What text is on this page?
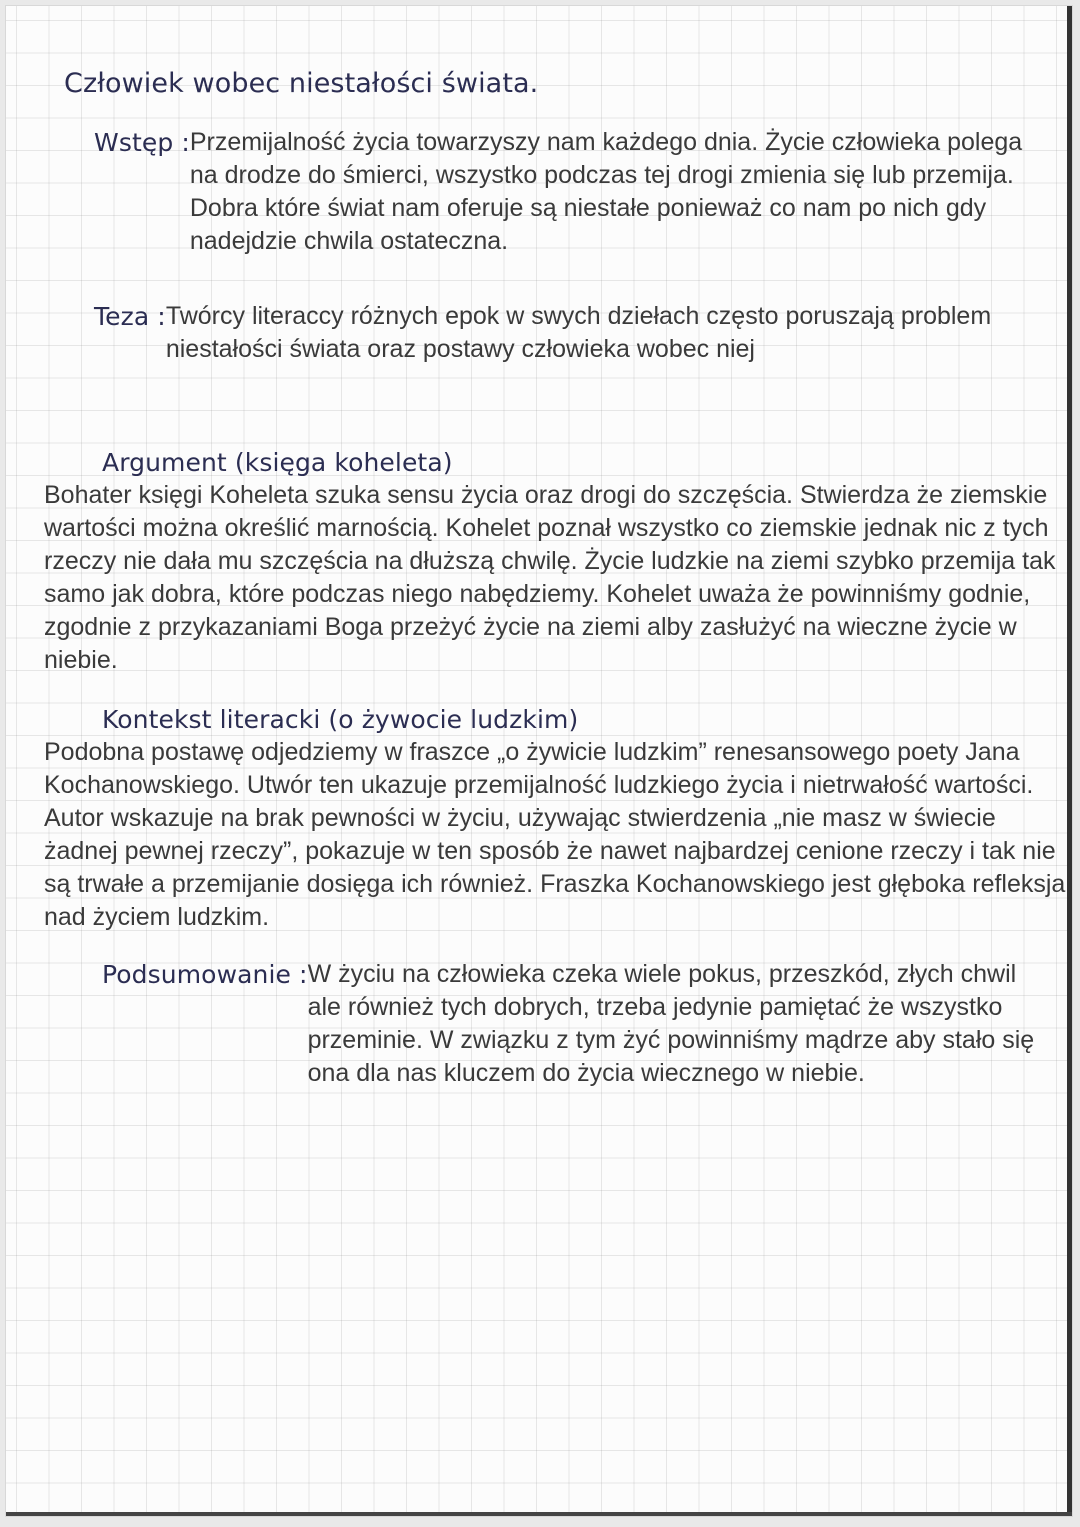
Człowiek wobec niestałości świata.
Wstęp : Przemijalność życia towarzyszy nam każdego dnia. Życie człowieka polega na drodze do śmierci, wszystko podczas tej drogi zmienia się lub przemija. Dobra które świat nam oferuje są niestałe ponieważ co nam po nich gdy nadejdzie chwila ostateczna.

Teza : Twórcy literaccy różnych epok w swych dziełach często poruszają problem niestałości świata oraz postawy człowieka wobec niej

Argument (księga koheleta)

Bohater księgi Koheleta szuka sensu życia oraz drogi do szczęścia. Stwierdza że ziemskie wartości można określić marnością. Kohelet poznał wszystko co ziemskie jednak nic z tych rzeczy nie dała mu szczęścia na dłuższą chwilę. Życie ludzkie na ziemi szybko przemija tak samo jak dobra, które podczas niego nabędziemy. Kohelet uważa że powinniśmy godnie, zgodnie z przykazaniami Boga przeżyć życie na ziemi alby zasłużyć na wieczne życie w niebie.

Kontekst literacki (o żywocie ludzkim)

Podobna postawę odjedziemy w fraszce „o żywicie ludzkim” renesansowego poety Jana Kochanowskiego. Utwór ten ukazuje przemijalność ludzkiego życia i nietrwałość wartości. Autor wskazuje na brak pewności w życiu, używając stwierdzenia „nie masz w świecie żadnej pewnej rzeczy”, pokazuje w ten sposób że nawet najbardzej cenione rzeczy i tak nie są trwałe a przemijanie dosięga ich również. Fraszka Kochanowskiego jest głęboka refleksja nad życiem ludzkim.

Podsumowanie : W życiu na człowieka czeka wiele pokus, przeszkód, złych chwil ale również tych dobrych, trzeba jedynie pamiętać że wszystko przeminie. W związku z tym żyć powinniśmy mądrze aby stało się ona dla nas kluczem do życia wiecznego w niebie.
